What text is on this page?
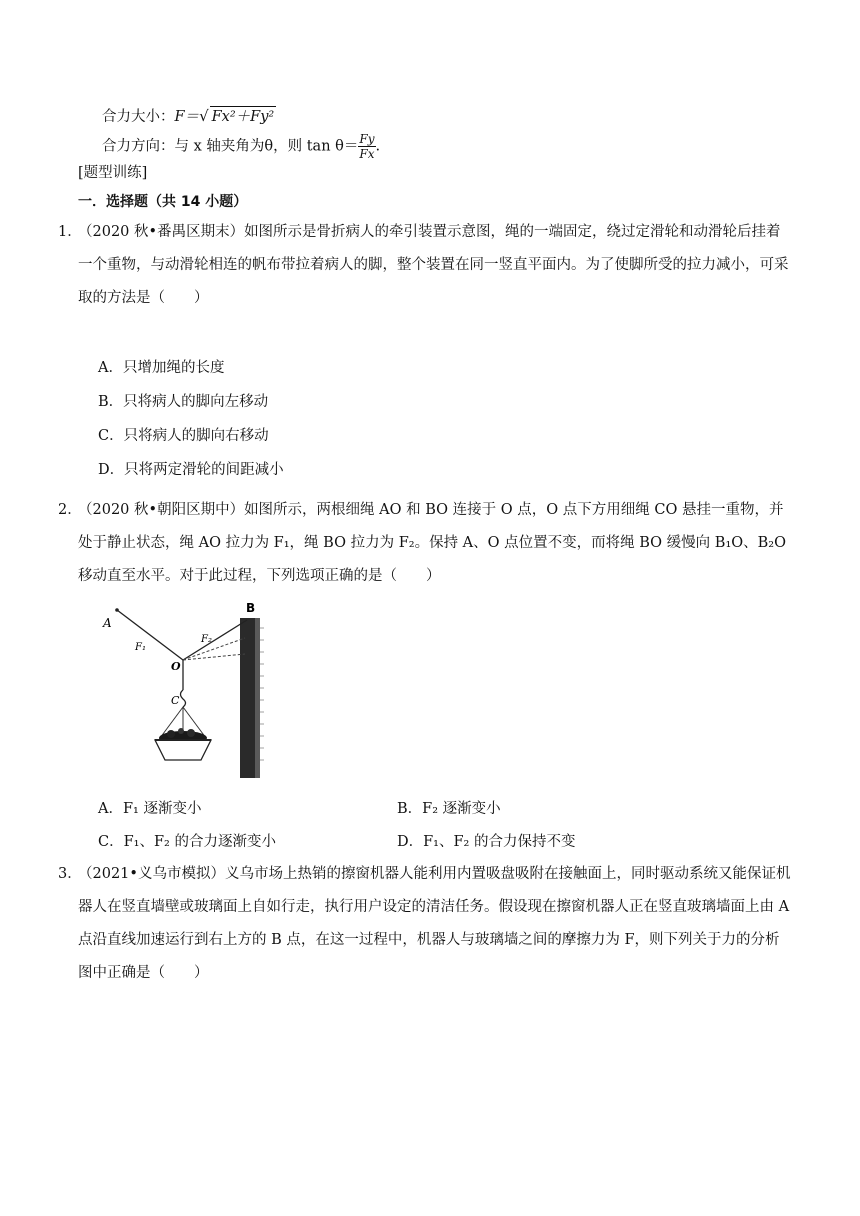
合力大小：F＝√ Fx²＋Fy²
合力方向：与 x 轴夹角为θ，则 $\tan \theta= \frac{Fy}{Fx}$ .
[题型训练]
一．选择题（共 14 小题）
1．（2020 秋•番禺区期末）如图所示是骨折病人的牵引装置示意图，绳的一端固定，绕过定滑轮和动滑轮后挂着一个重物，与动滑轮相连的帆布带拉着病人的脚，整个装置在同一竖直平面内。为了使脚所受的拉力减小，可采取的方法是（　　）
A．只增加绳的长度
B．只将病人的脚向左移动
C．只将病人的脚向右移动
D．只将两定滑轮的间距减小
2．（2020 秋•朝阳区期中）如图所示，两根细绳 AO 和 BO 连接于 O 点，O 点下方用细绳 CO 悬挂一重物，并处于静止状态，绳 AO 拉力为 F₁，绳 BO 拉力为 F₂。保持 A、O 点位置不变，而将绳 BO 缓慢向 B₁O、B₂O 移动直至水平。对于此过程，下列选项正确的是（　　）
A
B
F₁
F₂
O
C
A．F₁ 逐渐变小	B．F₂ 逐渐变小
C．F₁、F₂ 的合力逐渐变小	D．F₁、F₂ 的合力保持不变
3．（2021•义乌市模拟）义乌市场上热销的擦窗机器人能利用内置吸盘吸附在接触面上，同时驱动系统又能保证机器人在竖直墙壁或玻璃面上自如行走，执行用户设定的清洁任务。假设现在擦窗机器人正在竖直玻璃墙面上由 A 点沿直线加速运行到右上方的 B 点，在这一过程中，机器人与玻璃墙之间的摩擦力为 F，则下列关于力的分析图中正确是（　　）
